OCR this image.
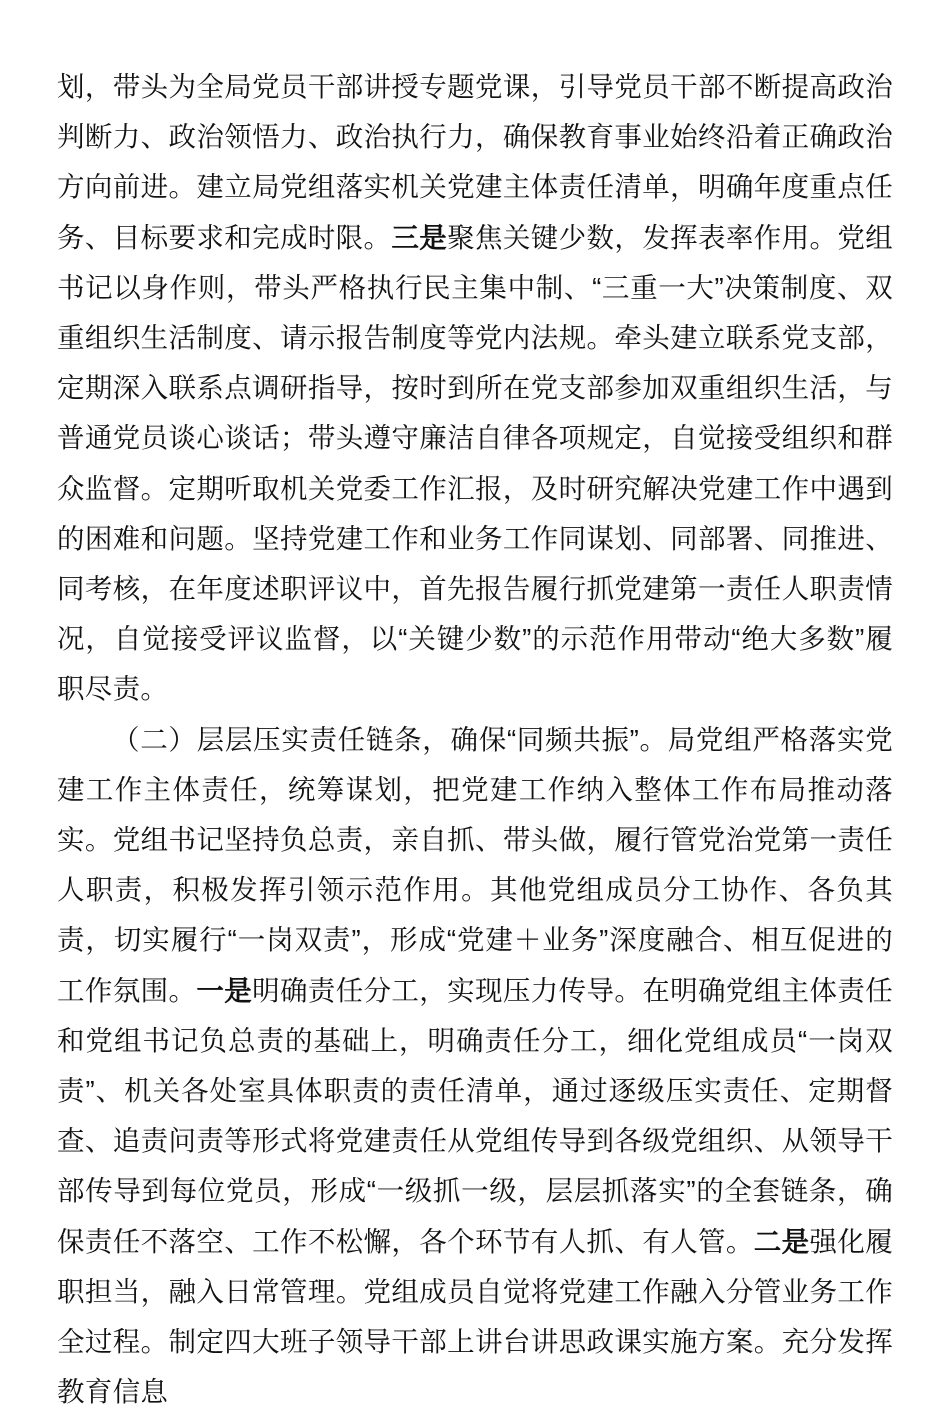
划，带头为全局党员干部讲授专题党课，引导党员干部不断提高政治判断力、政治领悟力、政治执行力，确保教育事业始终沿着正确政治方向前进。建立局党组落实机关党建主体责任清单，明确年度重点任务、目标要求和完成时限。三是聚焦关键少数，发挥表率作用。党组书记以身作则，带头严格执行民主集中制、“三重一大”决策制度、双重组织生活制度、请示报告制度等党内法规。牵头建立联系党支部，定期深入联系点调研指导，按时到所在党支部参加双重组织生活，与普通党员谈心谈话；带头遵守廉洁自律各项规定，自觉接受组织和群众监督。定期听取机关党委工作汇报，及时研究解决党建工作中遇到的困难和问题。坚持党建工作和业务工作同谋划、同部署、同推进、同考核，在年度述职评议中，首先报告履行抓党建第一责任人职责情况，自觉接受评议监督，以“关键少数”的示范作用带动“绝大多数”履职尽责。

（二）层层压实责任链条，确保“同频共振”。局党组严格落实党建工作主体责任，统筹谋划，把党建工作纳入整体工作布局推动落实。党组书记坚持负总责，亲自抓、带头做，履行管党治党第一责任人职责，积极发挥引领示范作用。其他党组成员分工协作、各负其责，切实履行“一岗双责”，形成“党建＋业务”深度融合、相互促进的工作氛围。一是明确责任分工，实现压力传导。在明确党组主体责任和党组书记负总责的基础上，明确责任分工，细化党组成员“一岗双责”、机关各处室具体职责的责任清单，通过逐级压实责任、定期督查、追责问责等形式将党建责任从党组传导到各级党组织、从领导干部传导到每位党员，形成“一级抓一级，层层抓落实”的全套链条，确保责任不落空、工作不松懈，各个环节有人抓、有人管。二是强化履职担当，融入日常管理。党组成员自觉将党建工作融入分管业务工作全过程。制定四大班子领导干部上讲台讲思政课实施方案。充分发挥教育信息
